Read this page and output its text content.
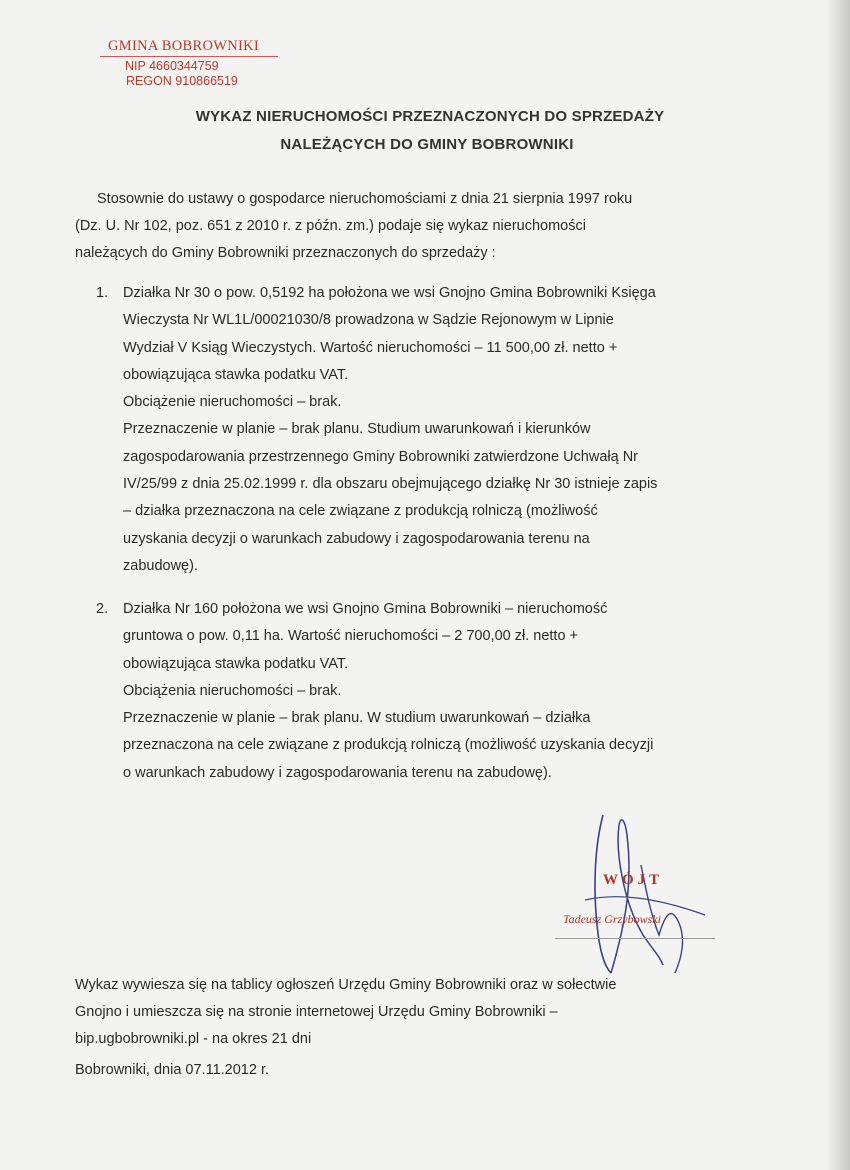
GMINA BOBROWNIKI
NIP 4660344759
REGON 910866519
WYKAZ NIERUCHOMOŚCI PRZEZNACZONYCH DO SPRZEDAŻY
NALEŻĄCYCH DO GMINY BOBROWNIKI
Stosownie do ustawy o gospodarce nieruchomościami z dnia 21 sierpnia 1997 roku
(Dz. U. Nr 102, poz. 651 z 2010 r. z późn. zm.) podaje się wykaz nieruchomości
należących do Gminy Bobrowniki przeznaczonych do sprzedaży :
1. Działka Nr 30 o pow. 0,5192 ha położona we wsi Gnojno Gmina Bobrowniki Księga
Wieczysta Nr WL1L/00021030/8 prowadzona w Sądzie Rejonowym w Lipnie
Wydział V Ksiąg Wieczystych. Wartość nieruchomości – 11 500,00 zł. netto +
obowiązująca stawka podatku VAT.
Obciążenie nieruchomości – brak.
Przeznaczenie w planie – brak planu. Studium uwarunkowań i kierunków
zagospodarowania przestrzennego Gminy Bobrowniki zatwierdzone Uchwałą Nr
IV/25/99 z dnia 25.02.1999 r. dla obszaru obejmującego działkę Nr 30 istnieje zapis
– działka przeznaczona na cele związane z produkcją rolniczą (możliwość
uzyskania decyzji o warunkach zabudowy i zagospodarowania terenu na
zabudowę).
2. Działka Nr 160 położona we wsi Gnojno Gmina Bobrowniki – nieruchomość
gruntowa o pow. 0,11 ha. Wartość nieruchomości – 2 700,00 zł. netto +
obowiązująca stawka podatku VAT.
Obciążenia nieruchomości – brak.
Przeznaczenie w planie – brak planu. W studium uwarunkowań – działka
przeznaczona na cele związane z produkcją rolniczą (możliwość uzyskania decyzji
o warunkach zabudowy i zagospodarowania terenu na zabudowę).
WÓJT
Tadeusz Grzybowski
Wykaz wywiesza się na tablicy ogłoszeń Urzędu Gminy Bobrowniki oraz w sołectwie
Gnojno i umieszcza się na stronie internetowej Urzędu Gminy Bobrowniki –
bip.ugbobrowniki.pl - na okres 21 dni
Bobrowniki, dnia 07.11.2012 r.
